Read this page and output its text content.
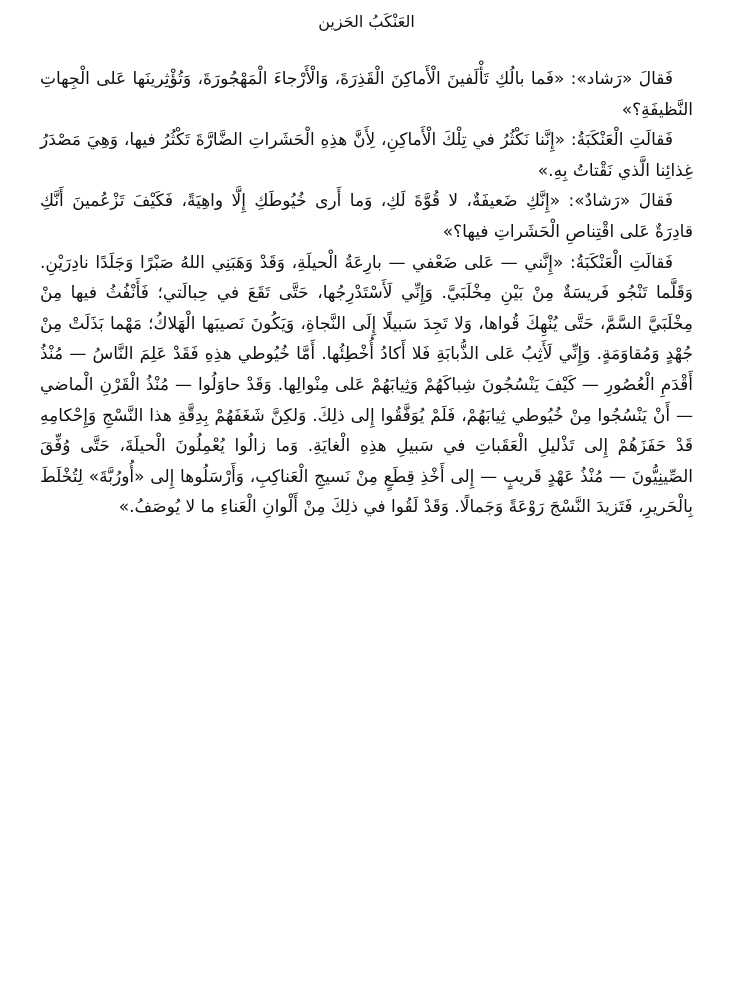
العَنْكَبُ الحَزين

فَقالَ «رَشاد»: «فَما بالُكِ تَأْلَفينَ الْأَماكِنَ الْقَذِرَةَ، وَالْأَرْجاءَ الْمَهْجُورَةَ، وَتُؤْثِرينَها عَلى الْجِهاتِ النَّظيفَةِ؟»

فَقالَتِ الْعَنْكَبَةُ: «إِنَّنا نَكْثُرُ في تِلْكَ الْأَماكِنِ، لِأَنَّ هذِهِ الْحَشَراتِ الضَّارَّةَ تَكْثُرُ فيها، وَهِيَ مَصْدَرُ غِذائِنا الَّذي نَقْتاتُ بِهِ.»

فَقالَ «رَشادٌ»: «إِنَّكِ ضَعيفَةٌ، لا قُوَّةَ لَكِ، وَما أَرى خُيُوطَكِ إِلَّا واهِيَةً، فَكَيْفَ تَزْعُمينَ أَنَّكِ قادِرَةٌ عَلى اقْتِناصِ الْحَشَراتِ فيها؟»

فَقالَتِ الْعَنْكَبَةُ: «إِنَّني — عَلى ضَعْفي — بارِعَةُ الْحيلَةِ، وَقَدْ وَهَبَنِي اللهُ صَبْرًا وَجَلَدًا نادِرَيْنِ. وَقَلَّما تَنْجُو فَريسَةٌ مِنْ بَيْنِ مِخْلَبَيَّ. وَإِنِّي لَأَسْتَدْرِجُها، حَتَّى تَقَعَ في حِبالَتي؛ فَأَنْفُثُ فيها مِنْ مِخْلَبَيَّ السَّمَّ، حَتَّى يُنْهِكَ قُواها، وَلا تَجِدَ سَبيلًا إِلَى النَّجاةِ، وَيَكُونَ نَصيبَها الْهَلاكُ؛ مَهْما بَذَلَتْ مِنْ جُهْدٍ وَمُقاوَمَةٍ. وَإِنِّي لَأَثِبُ عَلى الذُّبابَةِ فَلا أَكادُ أُخْطِئُها. أَمَّا خُيُوطي هذِهِ فَقَدْ عَلِمَ النَّاسُ — مُنْذُ أَقْدَمِ الْعُصُورِ — كَيْفَ يَنْسُجُونَ شِباكَهُمْ وَثِيابَهُمْ عَلى مِنْوالِها. وَقَدْ حاوَلُوا — مُنْذُ الْقَرْنِ الْماضي — أَنْ يَنْسُجُوا مِنْ خُيُوطي ثِيابَهُمْ، فَلَمْ يُوَفَّقُوا إِلى ذلِكَ. وَلكِنَّ شَغَفَهُمْ بِدِقَّةِ هذا النَّسْجِ وَإِحْكامِهِ قَدْ حَفَزَهُمْ إِلى تَذْليلِ الْعَقَباتِ في سَبيلِ هذِهِ الْغايَةِ. وَما زالُوا يُعْمِلُونَ الْحيلَةَ، حَتَّى وُفِّقَ الصِّينِيُّونَ — مُنْذُ عَهْدٍ قَريبٍ — إِلى أَخْذِ قِطَعٍ مِنْ نَسيجِ الْعَناكِبِ، وَأَرْسَلُوها إِلى «أُورُبَّةَ» لِتُخْلَطَ بِالْحَريرِ، فَتَزيدَ النَّسْجَ رَوْعَةً وَجَمالًا. وَقَدْ لَقُوا في ذلِكَ مِنْ أَلْوانِ الْعَناءِ ما لا يُوصَفُ.»
